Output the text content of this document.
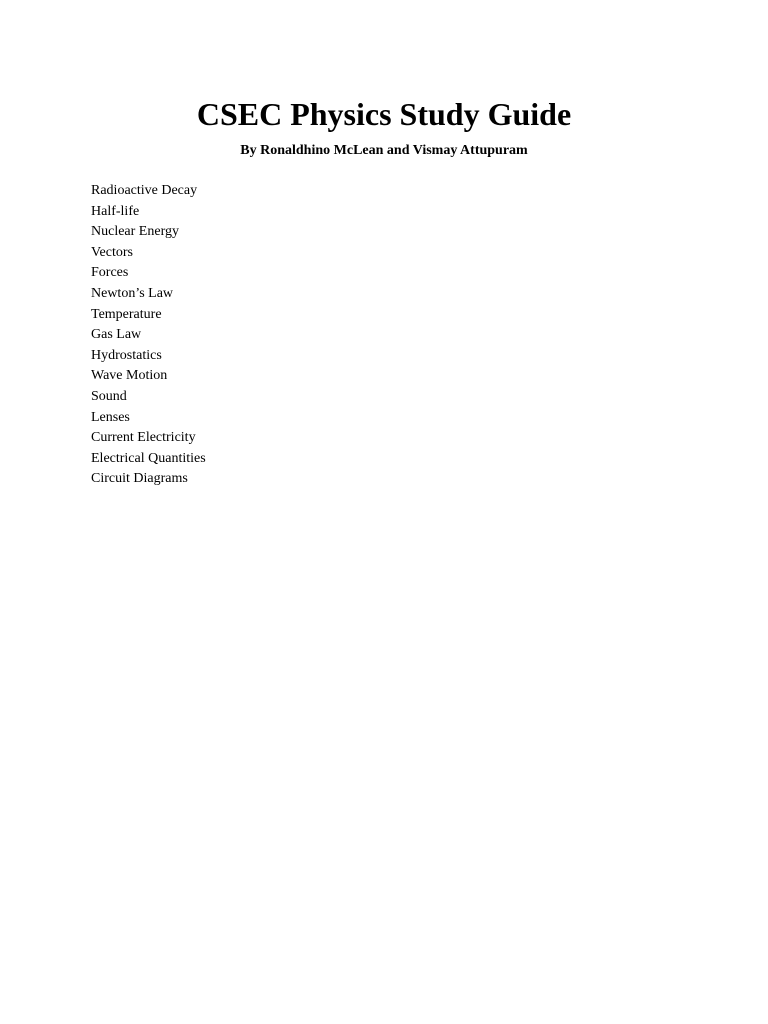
CSEC Physics Study Guide

By Ronaldhino McLean and Vismay Attupuram

Radioactive Decay
Half-life
Nuclear Energy
Vectors
Forces
Newton’s Law
Temperature
Gas Law
Hydrostatics
Wave Motion
Sound
Lenses
Current Electricity
Electrical Quantities
Circuit Diagrams
